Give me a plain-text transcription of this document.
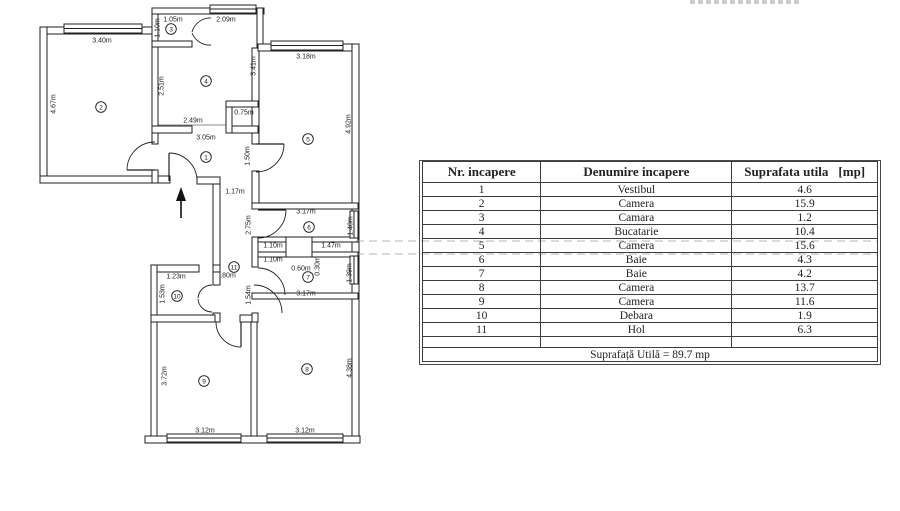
3.40m
4.67m
1.05m
1.10m	2.09m
2.51m
3.41m
0.75m
2.49m
3.05m
1.50m
3.18m
4.92m
1.17m
3.17m
2.75m	1.40m
1.10m	1.47m
1.10m
0.60m 0.30m	1.39m
1.54m	3.17m
1.23m	.80m
1.53m
3.72m	4.38m
3.12m	3.12m
1
2
3
4
5
6
7
8
9
10
11
Nr. incapere	Denumire incapere	Suprafata utila [mp]
1	Vestibul	4.6
2	Camera	15.9
3	Camara	1.2
4	Bucatarie	10.4
5	Camera	15.6
6	Baie	4.3
7	Baie	4.2
8	Camera	13.7
9	Camera	11.6
10	Debara	1.9
11	Hol	6.3

Suprafață Utilă = 89.7 mp		
